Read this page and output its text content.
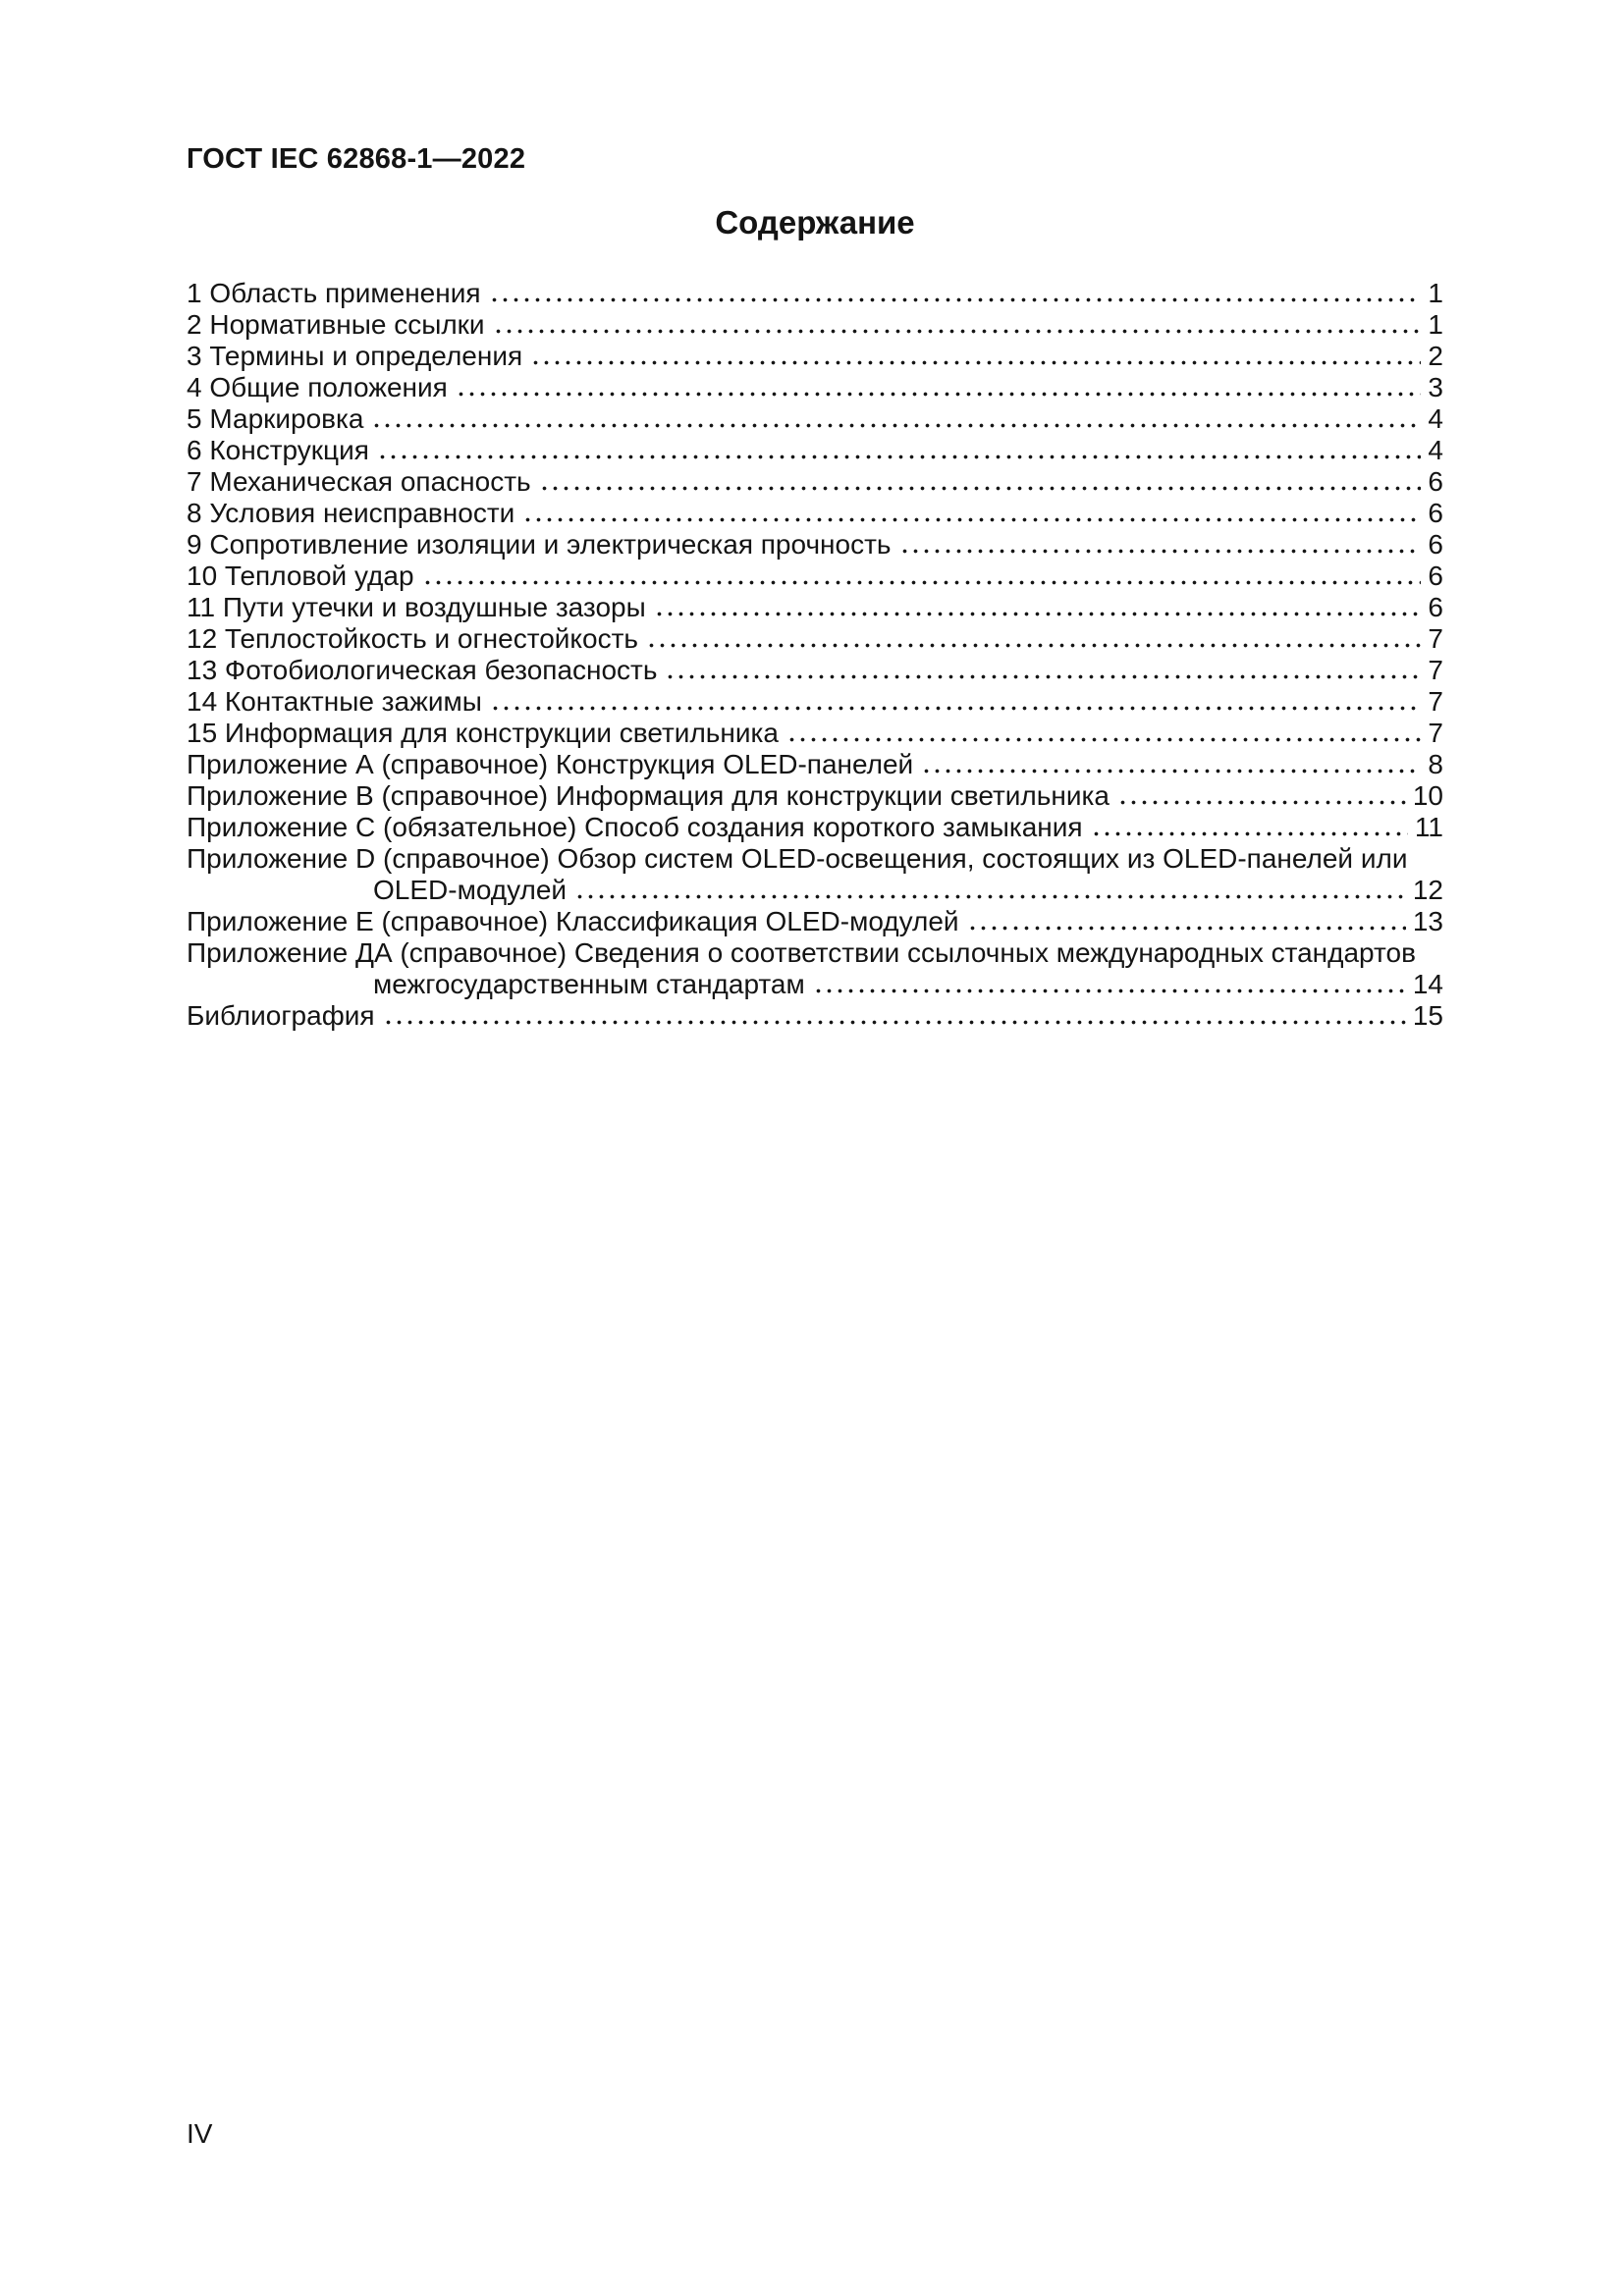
ГОСТ IEC 62868-1—2022
Содержание
1 Область применения	1
2 Нормативные ссылки	1
3 Термины и определения	2
4 Общие положения	3
5 Маркировка	4
6 Конструкция	4
7 Механическая опасность	6
8 Условия неисправности	6
9 Сопротивление изоляции и электрическая прочность	6
10 Тепловой удар	6
11 Пути утечки и воздушные зазоры	6
12 Теплостойкость и огнестойкость	7
13 Фотобиологическая безопасность	7
14 Контактные зажимы	7
15 Информация для конструкции светильника	7
Приложение А (справочное) Конструкция OLED-панелей	8
Приложение В (справочное) Информация для конструкции светильника	10
Приложение С (обязательное) Способ создания короткого замыкания	11
Приложение D (справочное) Обзор систем OLED-освещения, состоящих из OLED-панелей или
OLED-модулей	12
Приложение Е (справочное) Классификация OLED-модулей	13
Приложение ДА (справочное) Сведения о соответствии ссылочных международных стандартов
межгосударственным стандартам	14
Библиография	15
IV
